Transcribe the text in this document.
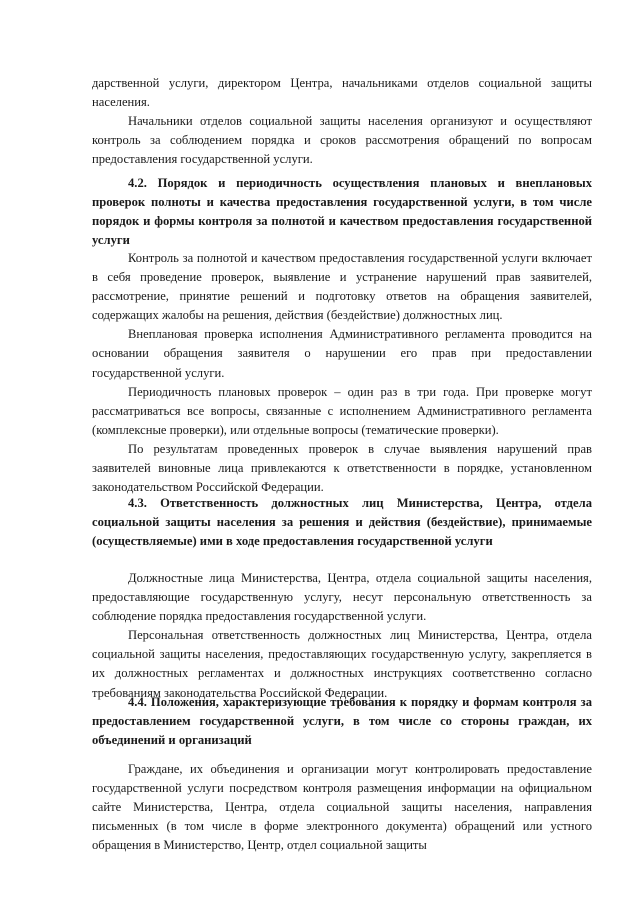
дарственной услуги, директором Центра, начальниками отделов социальной защиты населения.

Начальники отделов социальной защиты населения организуют и осуществляют контроль за соблюдением порядка и сроков рассмотрения обращений по вопросам предоставления государственной услуги.

4.2. Порядок и периодичность осуществления плановых и внеплановых проверок полноты и качества предоставления государственной услуги, в том числе порядок и формы контроля за полнотой и качеством предоставления государственной услуги

Контроль за полнотой и качеством предоставления государственной услуги включает в себя проведение проверок, выявление и устранение нарушений прав заявителей, рассмотрение, принятие решений и подготовку ответов на обращения заявителей, содержащих жалобы на решения, действия (бездействие) должностных лиц.

Внеплановая проверка исполнения Административного регламента проводится на основании обращения заявителя о нарушении его прав при предоставлении государственной услуги.

Периодичность плановых проверок – один раз в три года. При проверке могут рассматриваться все вопросы, связанные с исполнением Административного регламента (комплексные проверки), или отдельные вопросы (тематические проверки).

По результатам проведенных проверок в случае выявления нарушений прав заявителей виновные лица привлекаются к ответственности в порядке, установленном законодательством Российской Федерации.

4.3. Ответственность должностных лиц Министерства, Центра, отдела социальной защиты населения за решения и действия (бездействие), принимаемые (осуществляемые) ими в ходе предоставления государственной услуги

Должностные лица Министерства, Центра, отдела социальной защиты населения, предоставляющие государственную услугу, несут персональную ответственность за соблюдение порядка предоставления государственной услуги.

Персональная ответственность должностных лиц Министерства, Центра, отдела социальной защиты населения, предоставляющих государственную услугу, закрепляется в их должностных регламентах и должностных инструкциях соответственно согласно требованиям законодательства Российской Федерации.

4.4. Положения, характеризующие требования к порядку и формам контроля за предоставлением государственной услуги, в том числе со стороны граждан, их объединений и организаций

Граждане, их объединения и организации могут контролировать предоставление государственной услуги посредством контроля размещения информации на официальном сайте Министерства, Центра, отдела социальной защиты населения, направления письменных (в том числе в форме электронного документа) обращений или устного обращения в Министерство, Центр, отдел социальной защиты
